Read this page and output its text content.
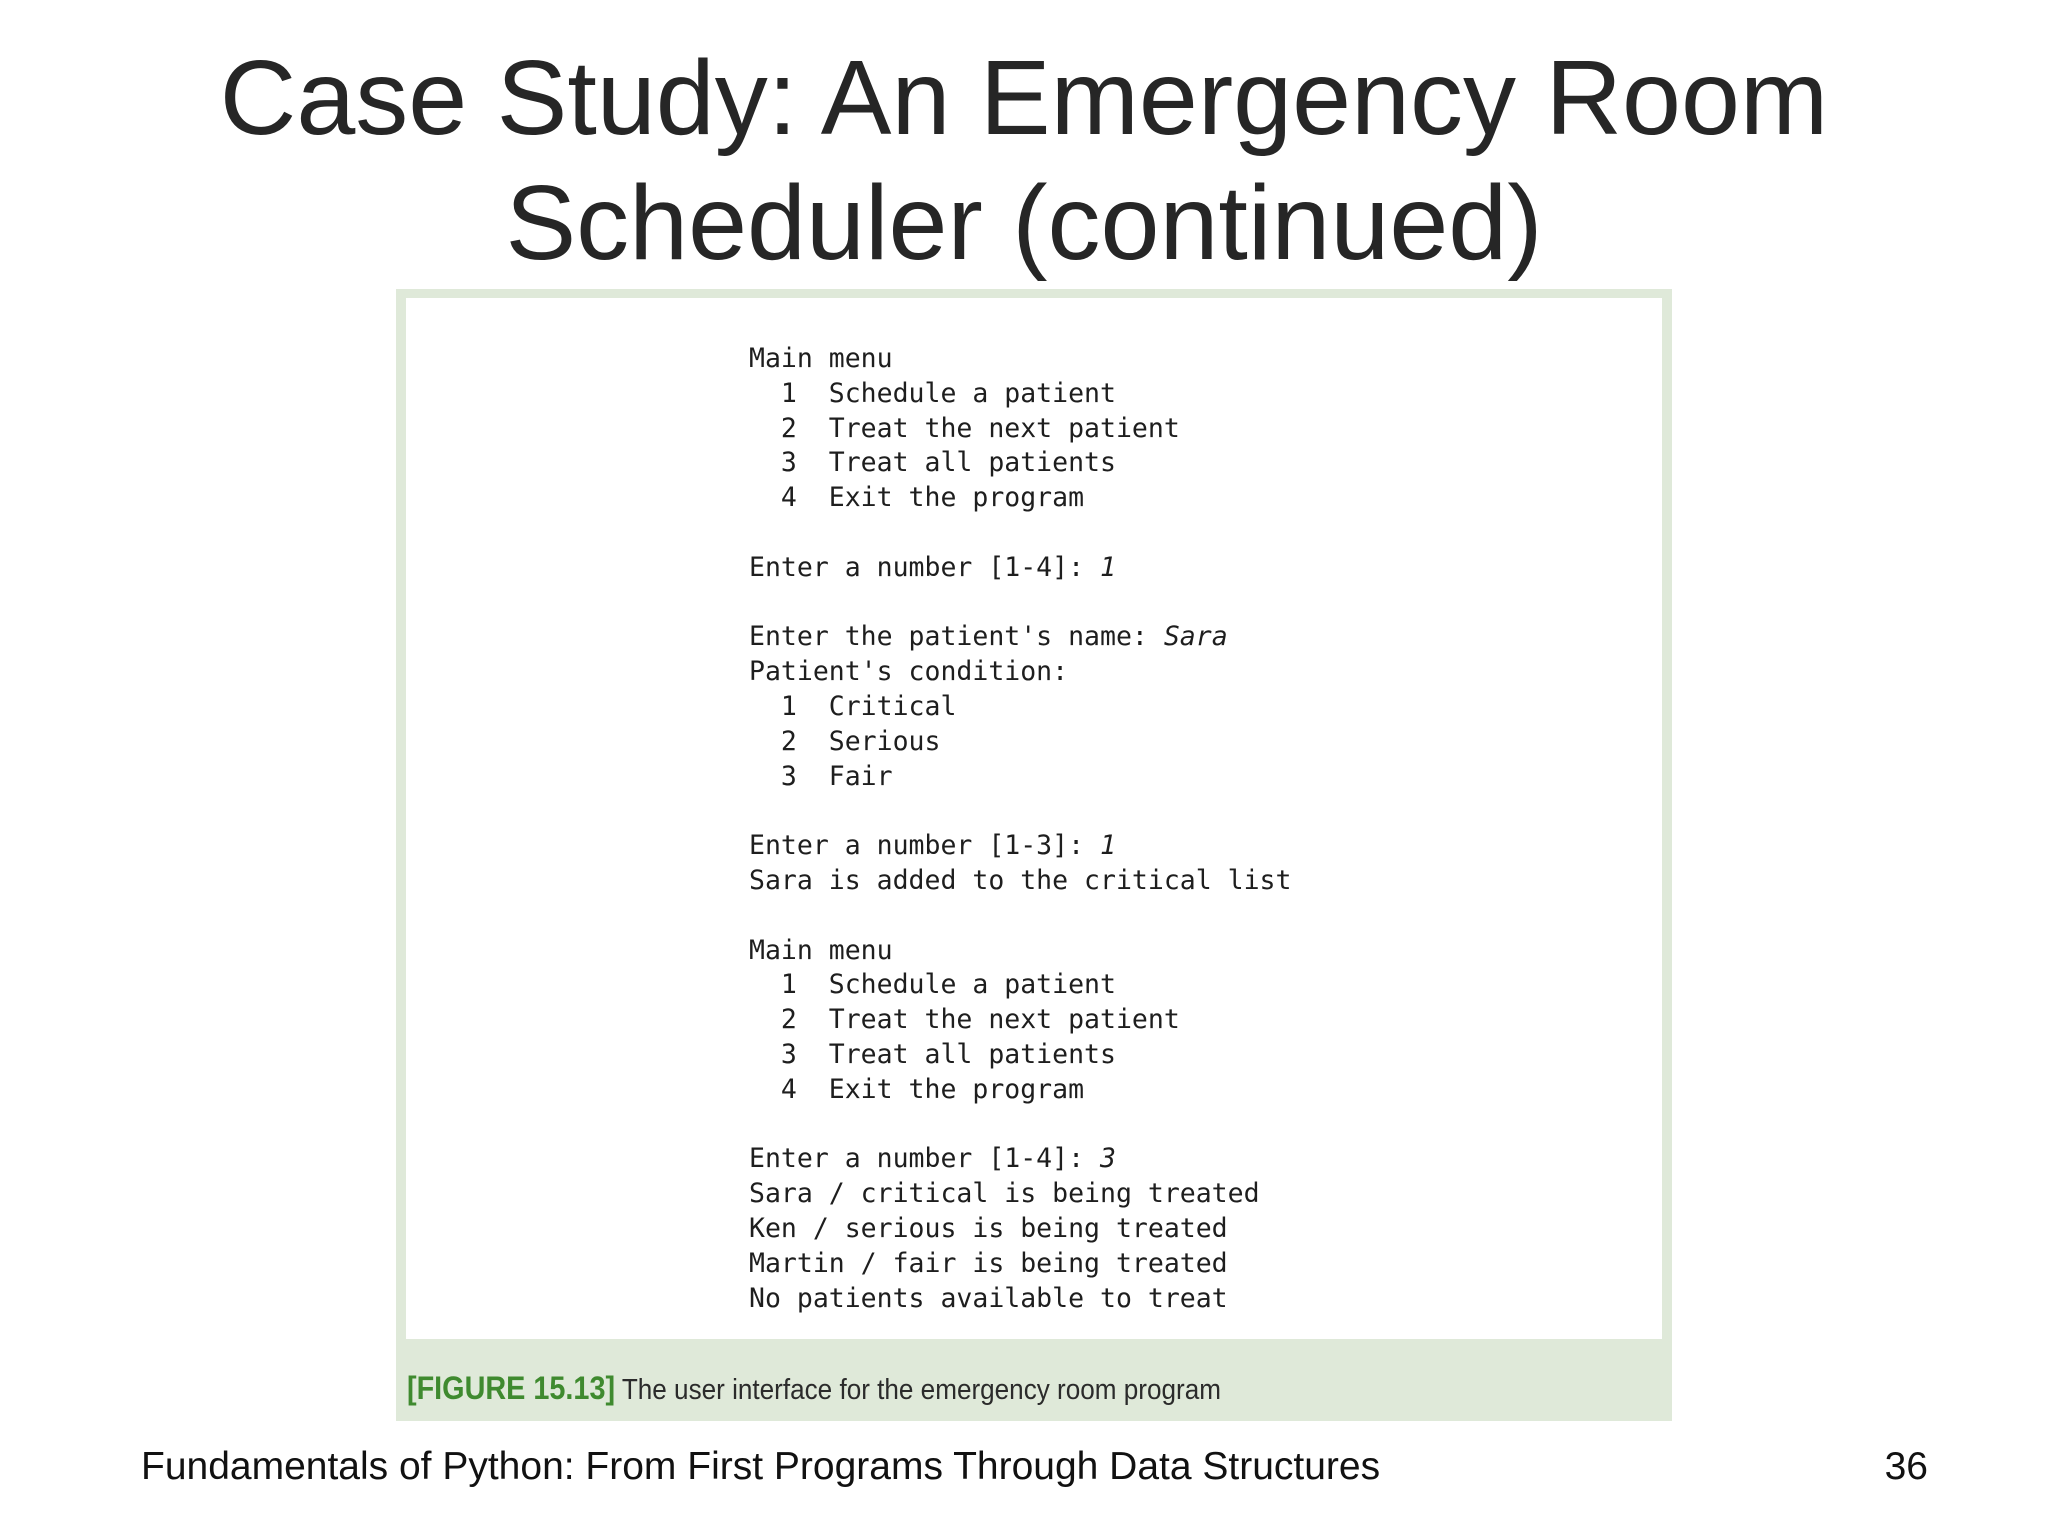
Case Study: An Emergency Room
Scheduler (continued)
Main menu
1  Schedule a patient
2  Treat the next patient
3  Treat all patients
4  Exit the program
Enter a number [1-4]: 1
Enter the patient's name: Sara
Patient's condition:
1  Critical
2  Serious
3  Fair
Enter a number [1-3]: 1
Sara is added to the critical list
Main menu
1  Schedule a patient
2  Treat the next patient
3  Treat all patients
4  Exit the program
Enter a number [1-4]: 3
Sara / critical is being treated
Ken / serious is being treated
Martin / fair is being treated
No patients available to treat
[FIGURE 15.13] The user interface for the emergency room program
Fundamentals of Python: From First Programs Through Data Structures	36
